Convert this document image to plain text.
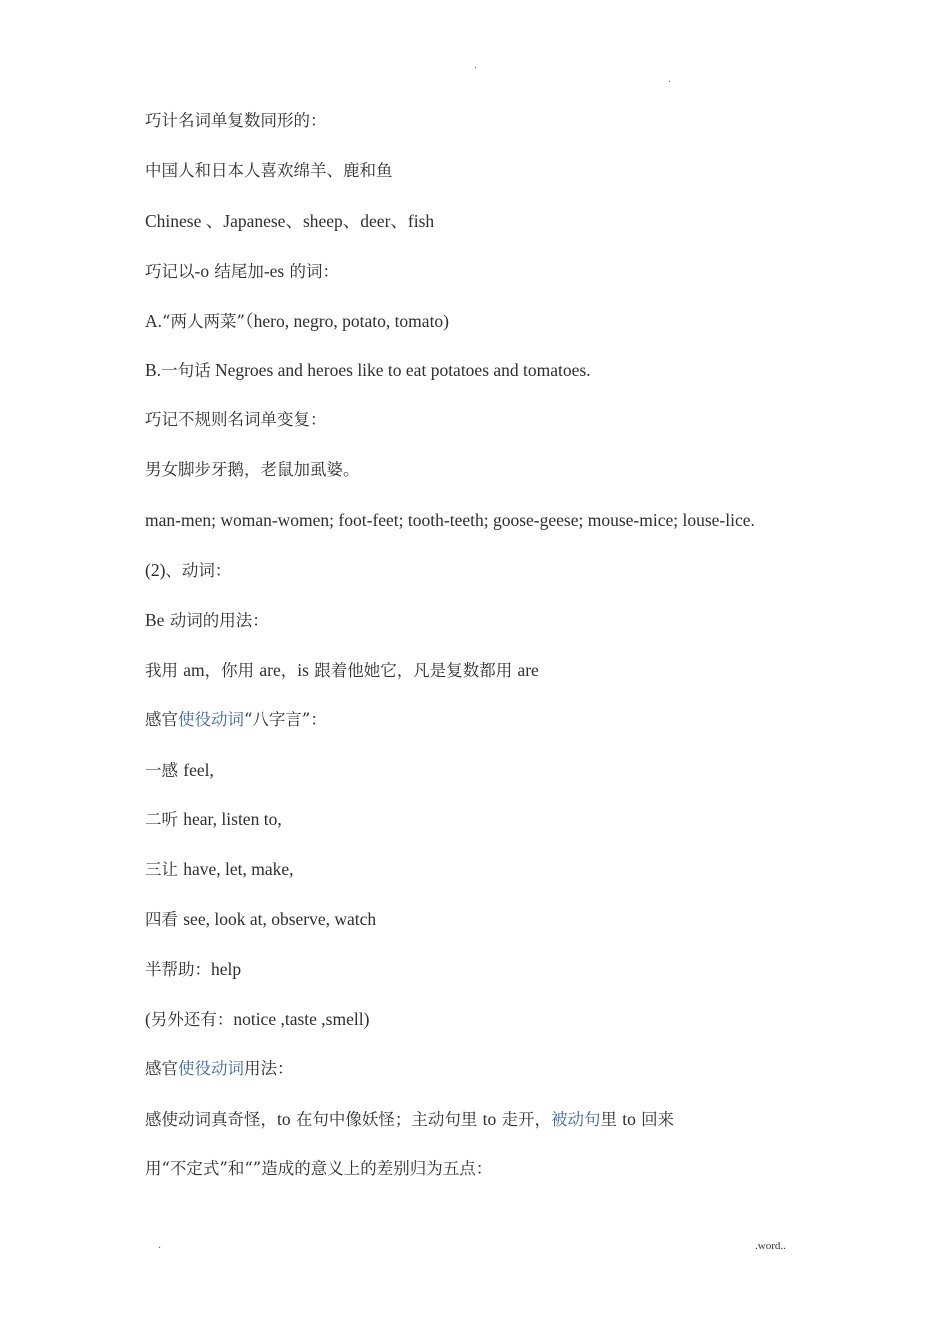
.
.
巧计名词单复数同形的：
中国人和日本人喜欢绵羊、鹿和鱼
Chinese 、Japanese、sheep、deer、fish
巧记以-o 结尾加-es 的词：
A.“两人两菜”（hero, negro, potato, tomato)
B.一句话 Negroes and heroes like to eat potatoes and tomatoes.
巧记不规则名词单变复：
男女脚步牙鹅，老鼠加虱婆。
man-men; woman-women; foot-feet; tooth-teeth; goose-geese; mouse-mice; louse-lice.
(2)、动词：
Be 动词的用法：
我用 am，你用 are，is 跟着他她它，凡是复数都用 are
感官使役动词“八字言”：
一感 feel,
二听 hear, listen to,
三让 have, let, make,
四看 see, look at, observe, watch
半帮助：help
(另外还有：notice ,taste ,smell)
感官使役动词用法：
感使动词真奇怪，to 在句中像妖怪；主动句里 to 走开，被动句里 to 回来
用“不定式”和“”造成的意义上的差别归为五点：
.	.word..
